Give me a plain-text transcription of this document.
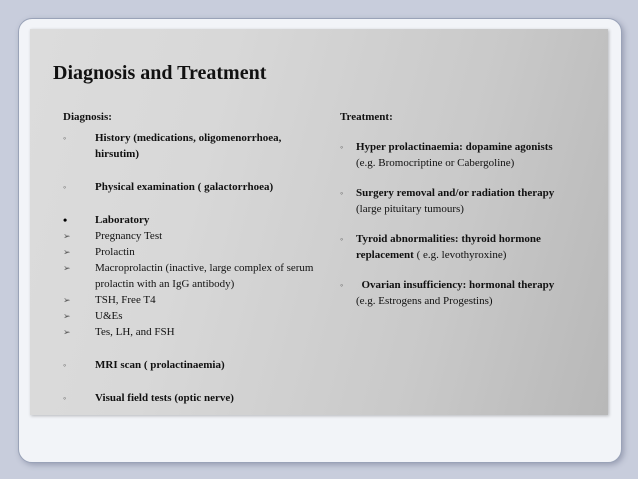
Diagnosis and Treatment
Diagnosis:
◦	History (medications, oligomenorrhoea, hirsutim)
◦	Physical examination ( galactorrhoea)
•	Laboratory
➢	Pregnancy Test
➢	Prolactin
➢	Macroprolactin (inactive, large complex of serum prolactin with an IgG antibody)
➢	TSH, Free T4
➢	U&Es
➢	Tes, LH, and FSH
◦	MRI scan ( prolactinaemia)
◦	Visual field tests (optic nerve)
Treatment:
◦	Hyper prolactinaemia: dopamine agonists
(e.g. Bromocriptine or Cabergoline)
◦	Surgery removal and/or radiation therapy
(large pituitary tumours)
◦	Tyroid abnormalities: thyroid hormone replacement ( e.g. levothyroxine)
◦	Ovarian insufficiency: hormonal therapy
(e.g. Estrogens and Progestins)
